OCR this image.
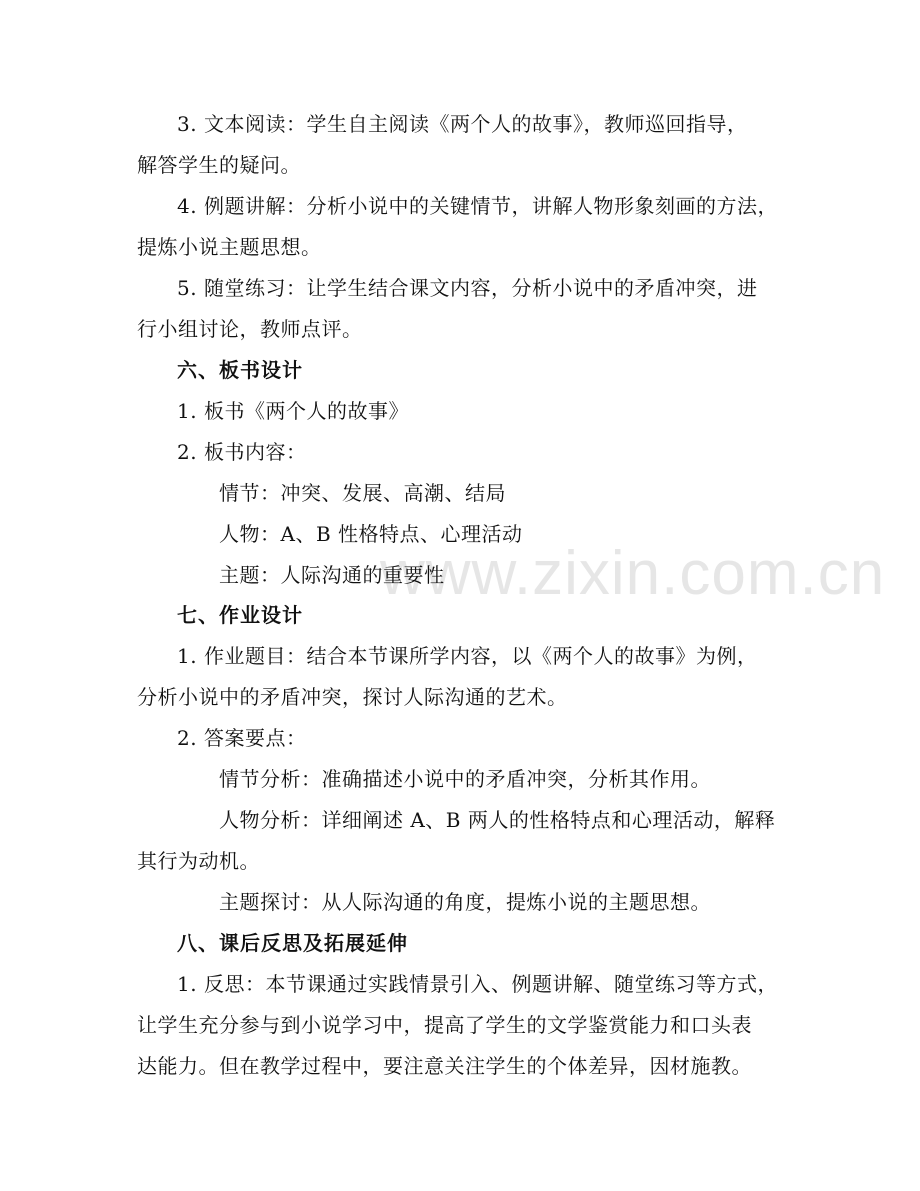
www.zixin.com.cn
3. 文本阅读：学生自主阅读《两个人的故事》，教师巡回指导，
解答学生的疑问。
4. 例题讲解：分析小说中的关键情节，讲解人物形象刻画的方法，
提炼小说主题思想。
5. 随堂练习：让学生结合课文内容，分析小说中的矛盾冲突，进
行小组讨论，教师点评。
六、板书设计
1. 板书《两个人的故事》
2. 板书内容：
情节：冲突、发展、高潮、结局
人物：A、B 性格特点、心理活动
主题：人际沟通的重要性
七、作业设计
1. 作业题目：结合本节课所学内容，以《两个人的故事》为例，
分析小说中的矛盾冲突，探讨人际沟通的艺术。
2. 答案要点：
情节分析：准确描述小说中的矛盾冲突，分析其作用。
人物分析：详细阐述 A、B 两人的性格特点和心理活动，解释
其行为动机。
主题探讨：从人际沟通的角度，提炼小说的主题思想。
八、课后反思及拓展延伸
1. 反思：本节课通过实践情景引入、例题讲解、随堂练习等方式，
让学生充分参与到小说学习中，提高了学生的文学鉴赏能力和口头表
达能力。但在教学过程中，要注意关注学生的个体差异，因材施教。
